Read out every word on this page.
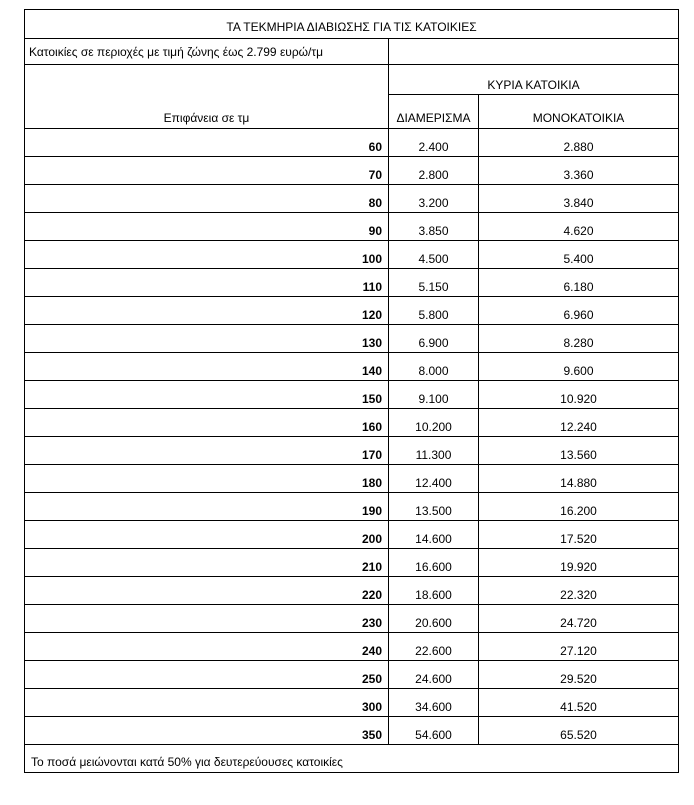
ΤΑ ΤΕΚΜΗΡΙΑ ΔΙΑΒΙΩΣΗΣ ΓΙΑ ΤΙΣ ΚΑΤΟΙΚΙΕΣ		
Κατοικίες σε περιοχές με τιμή ζώνης έως 2.799 ευρώ/τμ		
Επιφάνεια σε τμ	ΚΥΡΙΑ ΚΑΤΟΙΚΙΑ	
	ΔΙΑΜΕΡΙΣΜΑ	ΜΟΝΟΚΑΤΟΙΚΙΑ
60	2.400	2.880
70	2.800	3.360
80	3.200	3.840
90	3.850	4.620
100	4.500	5.400
110	5.150	6.180
120	5.800	6.960
130	6.900	8.280
140	8.000	9.600
150	9.100	10.920
160	10.200	12.240
170	11.300	13.560
180	12.400	14.880
190	13.500	16.200
200	14.600	17.520
210	16.600	19.920
220	18.600	22.320
230	20.600	24.720
240	22.600	27.120
250	24.600	29.520
300	34.600	41.520
350	54.600	65.520
Το ποσά μειώνονται κατά 50% για δευτερεύουσες κατοικίες		
